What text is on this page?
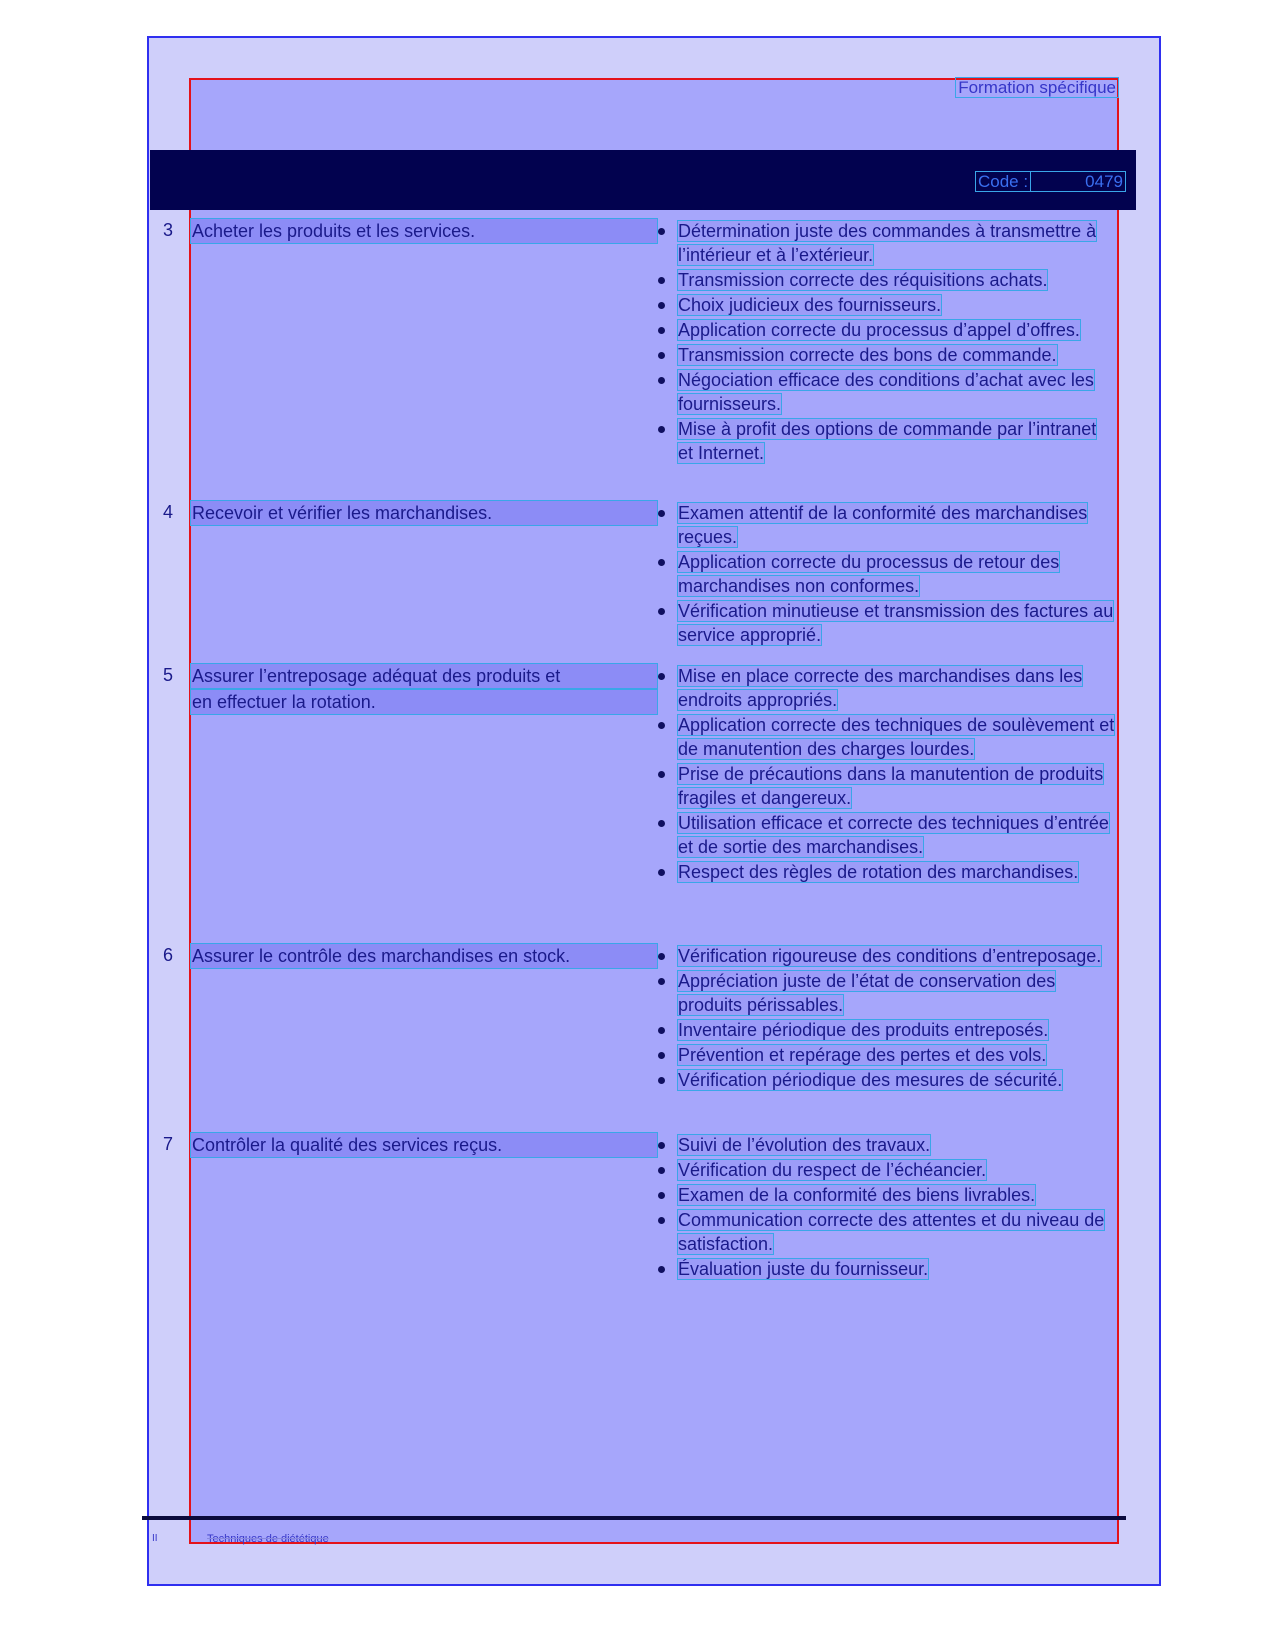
Formation spécifique
Code :	0479
3 Acheter les produits et les services.	Détermination juste des commandes à transmettre à l’intérieur et à l’extérieur.
Transmission correcte des réquisitions achats.
Choix judicieux des fournisseurs.
Application correcte du processus d’appel d’offres.
Transmission correcte des bons de commande.
Négociation efficace des conditions d’achat avec les fournisseurs.
Mise à profit des options de commande par l’intranet et Internet.
4 Recevoir et vérifier les marchandises.	Examen attentif de la conformité des marchandises reçues.
Application correcte du processus de retour des marchandises non conformes.
Vérification minutieuse et transmission des factures au service approprié.
5 Assurer l’entreposage adéquat des produits et
en effectuer la rotation.
Mise en place correcte des marchandises dans les endroits appropriés.
Application correcte des techniques de soulèvement et de manutention des charges lourdes.
Prise de précautions dans la manutention de produits fragiles et dangereux.
Utilisation efficace et correcte des techniques d’entrée et de sortie des marchandises.
Respect des règles de rotation des marchandises.
6 Assurer le contrôle des marchandises en stock.	Vérification rigoureuse des conditions d’entreposage.
Appréciation juste de l’état de conservation des produits périssables.
Inventaire périodique des produits entreposés.
Prévention et repérage des pertes et des vols.
Vérification périodique des mesures de sécurité.
7 Contrôler la qualité des services reçus.	Suivi de l’évolution des travaux.
Vérification du respect de l’échéancier.
Examen de la conformité des biens livrables.
Communication correcte des attentes et du niveau de satisfaction.
Évaluation juste du fournisseur.
II	Techniques de diététique
